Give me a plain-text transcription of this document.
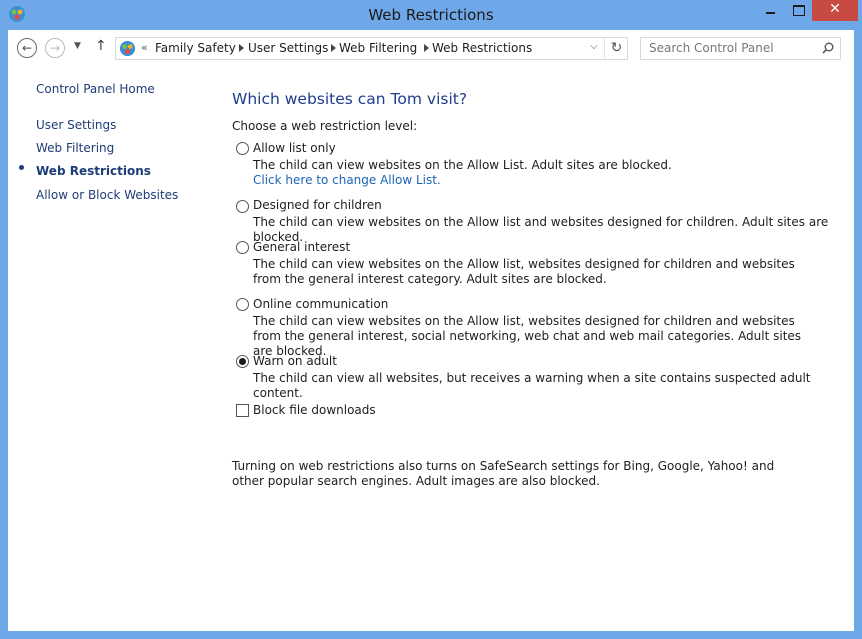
Web Restrictions	✕
← → ▼ ↑	« Family Safety User Settings Web Filtering Web Restrictions	⌵ ↻	Search Control Panel
Control Panel Home
User Settings
Web Filtering
Web Restrictions
Allow or Block Websites
Which websites can Tom visit?
Choose a web restriction level:
Allow list only
The child can view websites on the Allow List. Adult sites are blocked.
Click here to change Allow List.
Designed for children
The child can view websites on the Allow list and websites designed for children. Adult sites are blocked.
General interest
The child can view websites on the Allow list, websites designed for children and websites from the general interest category. Adult sites are blocked.
Online communication
The child can view websites on the Allow list, websites designed for children and websites from the general interest, social networking, web chat and web mail categories. Adult sites are blocked.
Warn on adult
The child can view all websites, but receives a warning when a site contains suspected adult content.
Block file downloads
Turning on web restrictions also turns on SafeSearch settings for Bing, Google, Yahoo! and other popular search engines. Adult images are also blocked.
